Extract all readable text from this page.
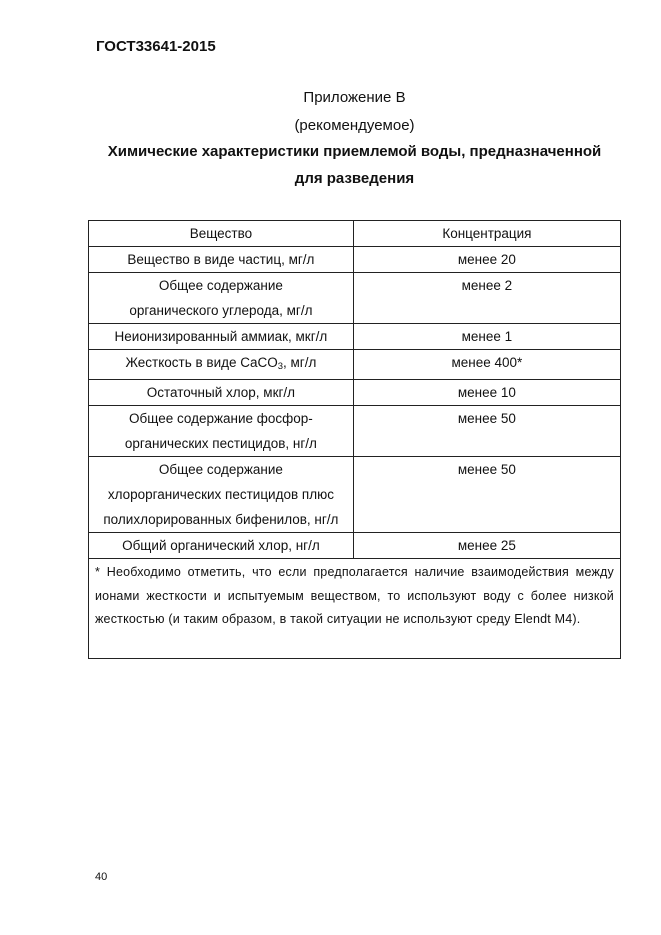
ГОСТ33641-2015
Приложение В
(рекомендуемое)
Химические характеристики приемлемой воды, предназначенной
для разведения
Вещество	Концентрация
Вещество в виде частиц, мг/л	менее 20

Общее содержание
органического углерода, мг/л	менее 2
Неионизированный аммиак, мкг/л	менее 1
Жесткость в виде CaCO$_3$, мг/л	менее 400*
Остаточный хлор, мкг/л	менее 10

Общее содержание фосфор-
органических пестицидов, нг/л	менее 50

Общее содержание
хлорорганических пестицидов плюс
полихлорированных бифенилов, нг/л	менее 50
Общий органический хлор, нг/л	менее 25
* Необходимо отметить, что если предполагается наличие взаимодействия между ионами жесткости и испытуемым веществом, то используют воду с более низкой жесткостью (и таким образом, в такой ситуации не используют среду Elendt M4).	
40
